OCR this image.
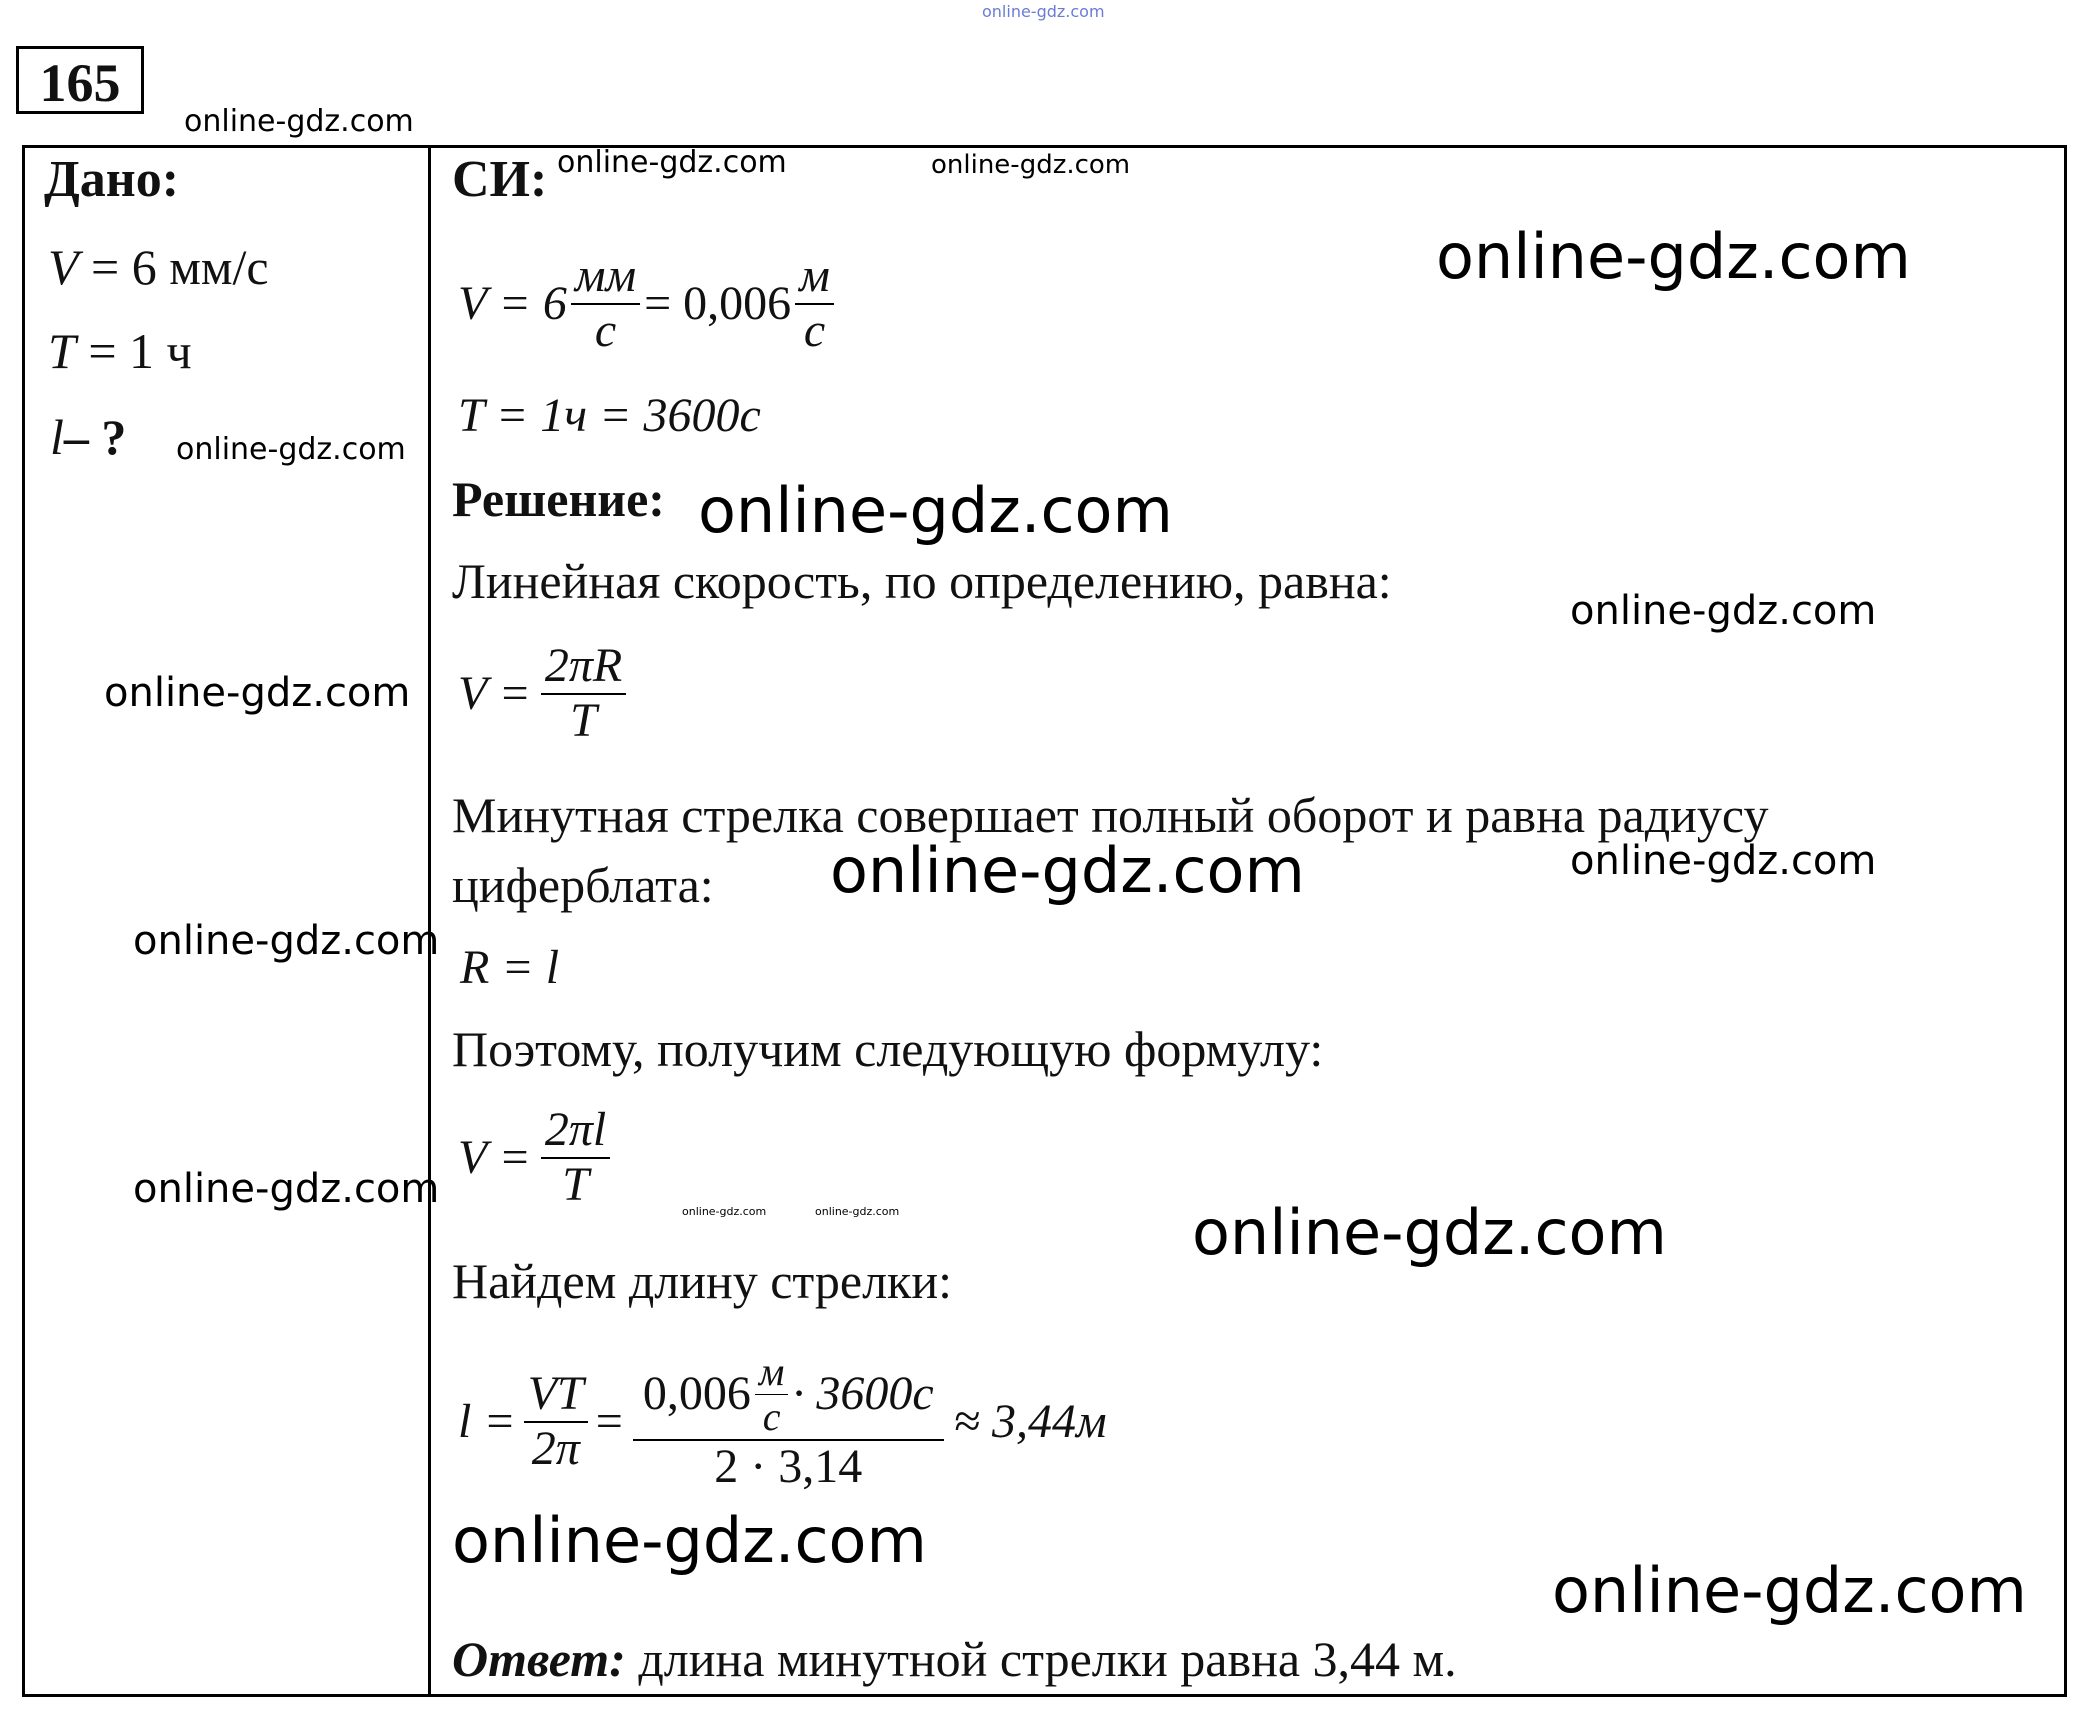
online-gdz.com
165
online-gdz.com
Дано:
V = 6 мм/с
T = 1 ч
l– ? online-gdz.com
online-gdz.com
online-gdz.com
online-gdz.com
СИ: online-gdz.com	online-gdz.com
online-gdz.com
$V = 6 \frac{мм}{с} = 0,006 \frac{м}{с}$
T = 1ч = 3600с
Решение: online-gdz.com
Линейная скорость, по определению, равна:
online-gdz.com
$V = \frac{2\pi R}{T}$
Минутная стрелка совершает полный оборот и равна радиусу
циферблата: online-gdz.com	online-gdz.com
R = l
Поэтому, получим следующую формулу:
$V = \frac{2\pi l}{T}$	online-gdz.com	online-gdz.com	online-gdz.com
Найдем длину стрелки:
$l = \frac{VT}{2\pi} = \frac{0,006 \frac{м}{с} \cdot 3600с}{2 \cdot 3,14} \approx 3,44м$
online-gdz.com
online-gdz.com
Ответ: длина минутной стрелки равна 3,44 м.
